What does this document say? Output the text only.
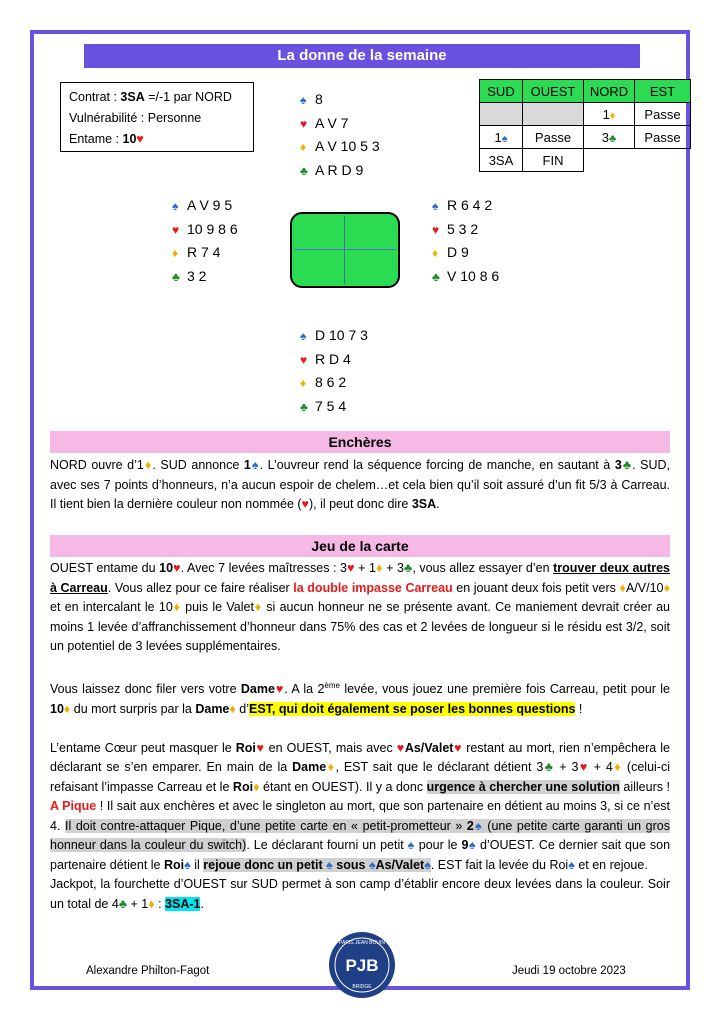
La donne de la semaine
Contrat : 3SA =/-1 par NORD
Vulnérabilité : Personne
Entame : 10♥
♠ 8
♥ A V 7
♦ A V 10 5 3
♣ A R D 9
♠ A V 9 5
♥ 10 9 8 6
♦ R 7 4
♣ 3 2
♠ R 6 4 2
♥ 5 3 2
♦ D 9
♣ V 10 8 6
♠ D 10 7 3
♥ R D 4
♦ 8 6 2
♣ 7 5 4
SUD	OUEST	NORD	EST
		1♦	Passe
1♠	Passe	3♣	Passe
3SA	FIN		
Enchères
NORD ouvre d’1♦. SUD annonce 1♠. L’ouvreur rend la séquence forcing de manche, en sautant à 3♣. SUD, avec ses 7 points d’honneurs, n’a aucun espoir de chelem…et cela bien qu’il soit assuré d’un fit 5/3 à Carreau. Il tient bien la dernière couleur non nommée (♥), il peut donc dire 3SA.
Jeu de la carte
OUEST entame du 10♥. Avec 7 levées maîtresses : 3♥ + 1♦ + 3♣, vous allez essayer d’en trouver deux autres à Carreau. Vous allez pour ce faire réaliser la double impasse Carreau en jouant deux fois petit vers ♦A/V/10♦ et en intercalant le 10♦ puis le Valet♦ si aucun honneur ne se présente avant. Ce maniement devrait créer au moins 1 levée d’affranchissement d’honneur dans 75% des cas et 2 levées de longueur si le résidu est 3/2, soit un potentiel de 3 levées supplémentaires.

Vous laissez donc filer vers votre Dame♥. A la 2ème levée, vous jouez une première fois Carreau, petit pour le 10♦ du mort surpris par la Dame♦ d’EST, qui doit également se poser les bonnes questions !

L’entame Cœur peut masquer le Roi♥ en OUEST, mais avec ♥As/Valet♥ restant au mort, rien n’empêchera le déclarant se s’en emparer. En main de la Dame♦, EST sait que le déclarant détient 3♣ + 3♥ + 4♦ (celui-ci refaisant l’impasse Carreau et le Roi♦ étant en OUEST). Il y a donc urgence à chercher une solution ailleurs ! A Pique ! Il sait aux enchères et avec le singleton au mort, que son partenaire en détient au moins 3, si ce n’est 4. Il doit contre-attaquer Pique, d’une petite carte en « petit-prometteur » 2♠ (une petite carte garanti un gros honneur dans la couleur du switch). Le déclarant fourni un petit ♠ pour le 9♠ d’OUEST. Ce dernier sait que son partenaire détient le Roi♠ il rejoue donc un petit ♠ sous ♠As/Valet♠. EST fait la levée du Roi♠ et en rejoue.
Jackpot, la fourchette d’OUEST sur SUD permet à son camp d’établir encore deux levées dans la couleur. Soir un total de 4♣ + 1♦ : 3SA-1.
Alexandre Philton-Fagot	Jeudi 19 octobre 2023
PARIS JEAN BOUIN
PJB
BRIDGE
